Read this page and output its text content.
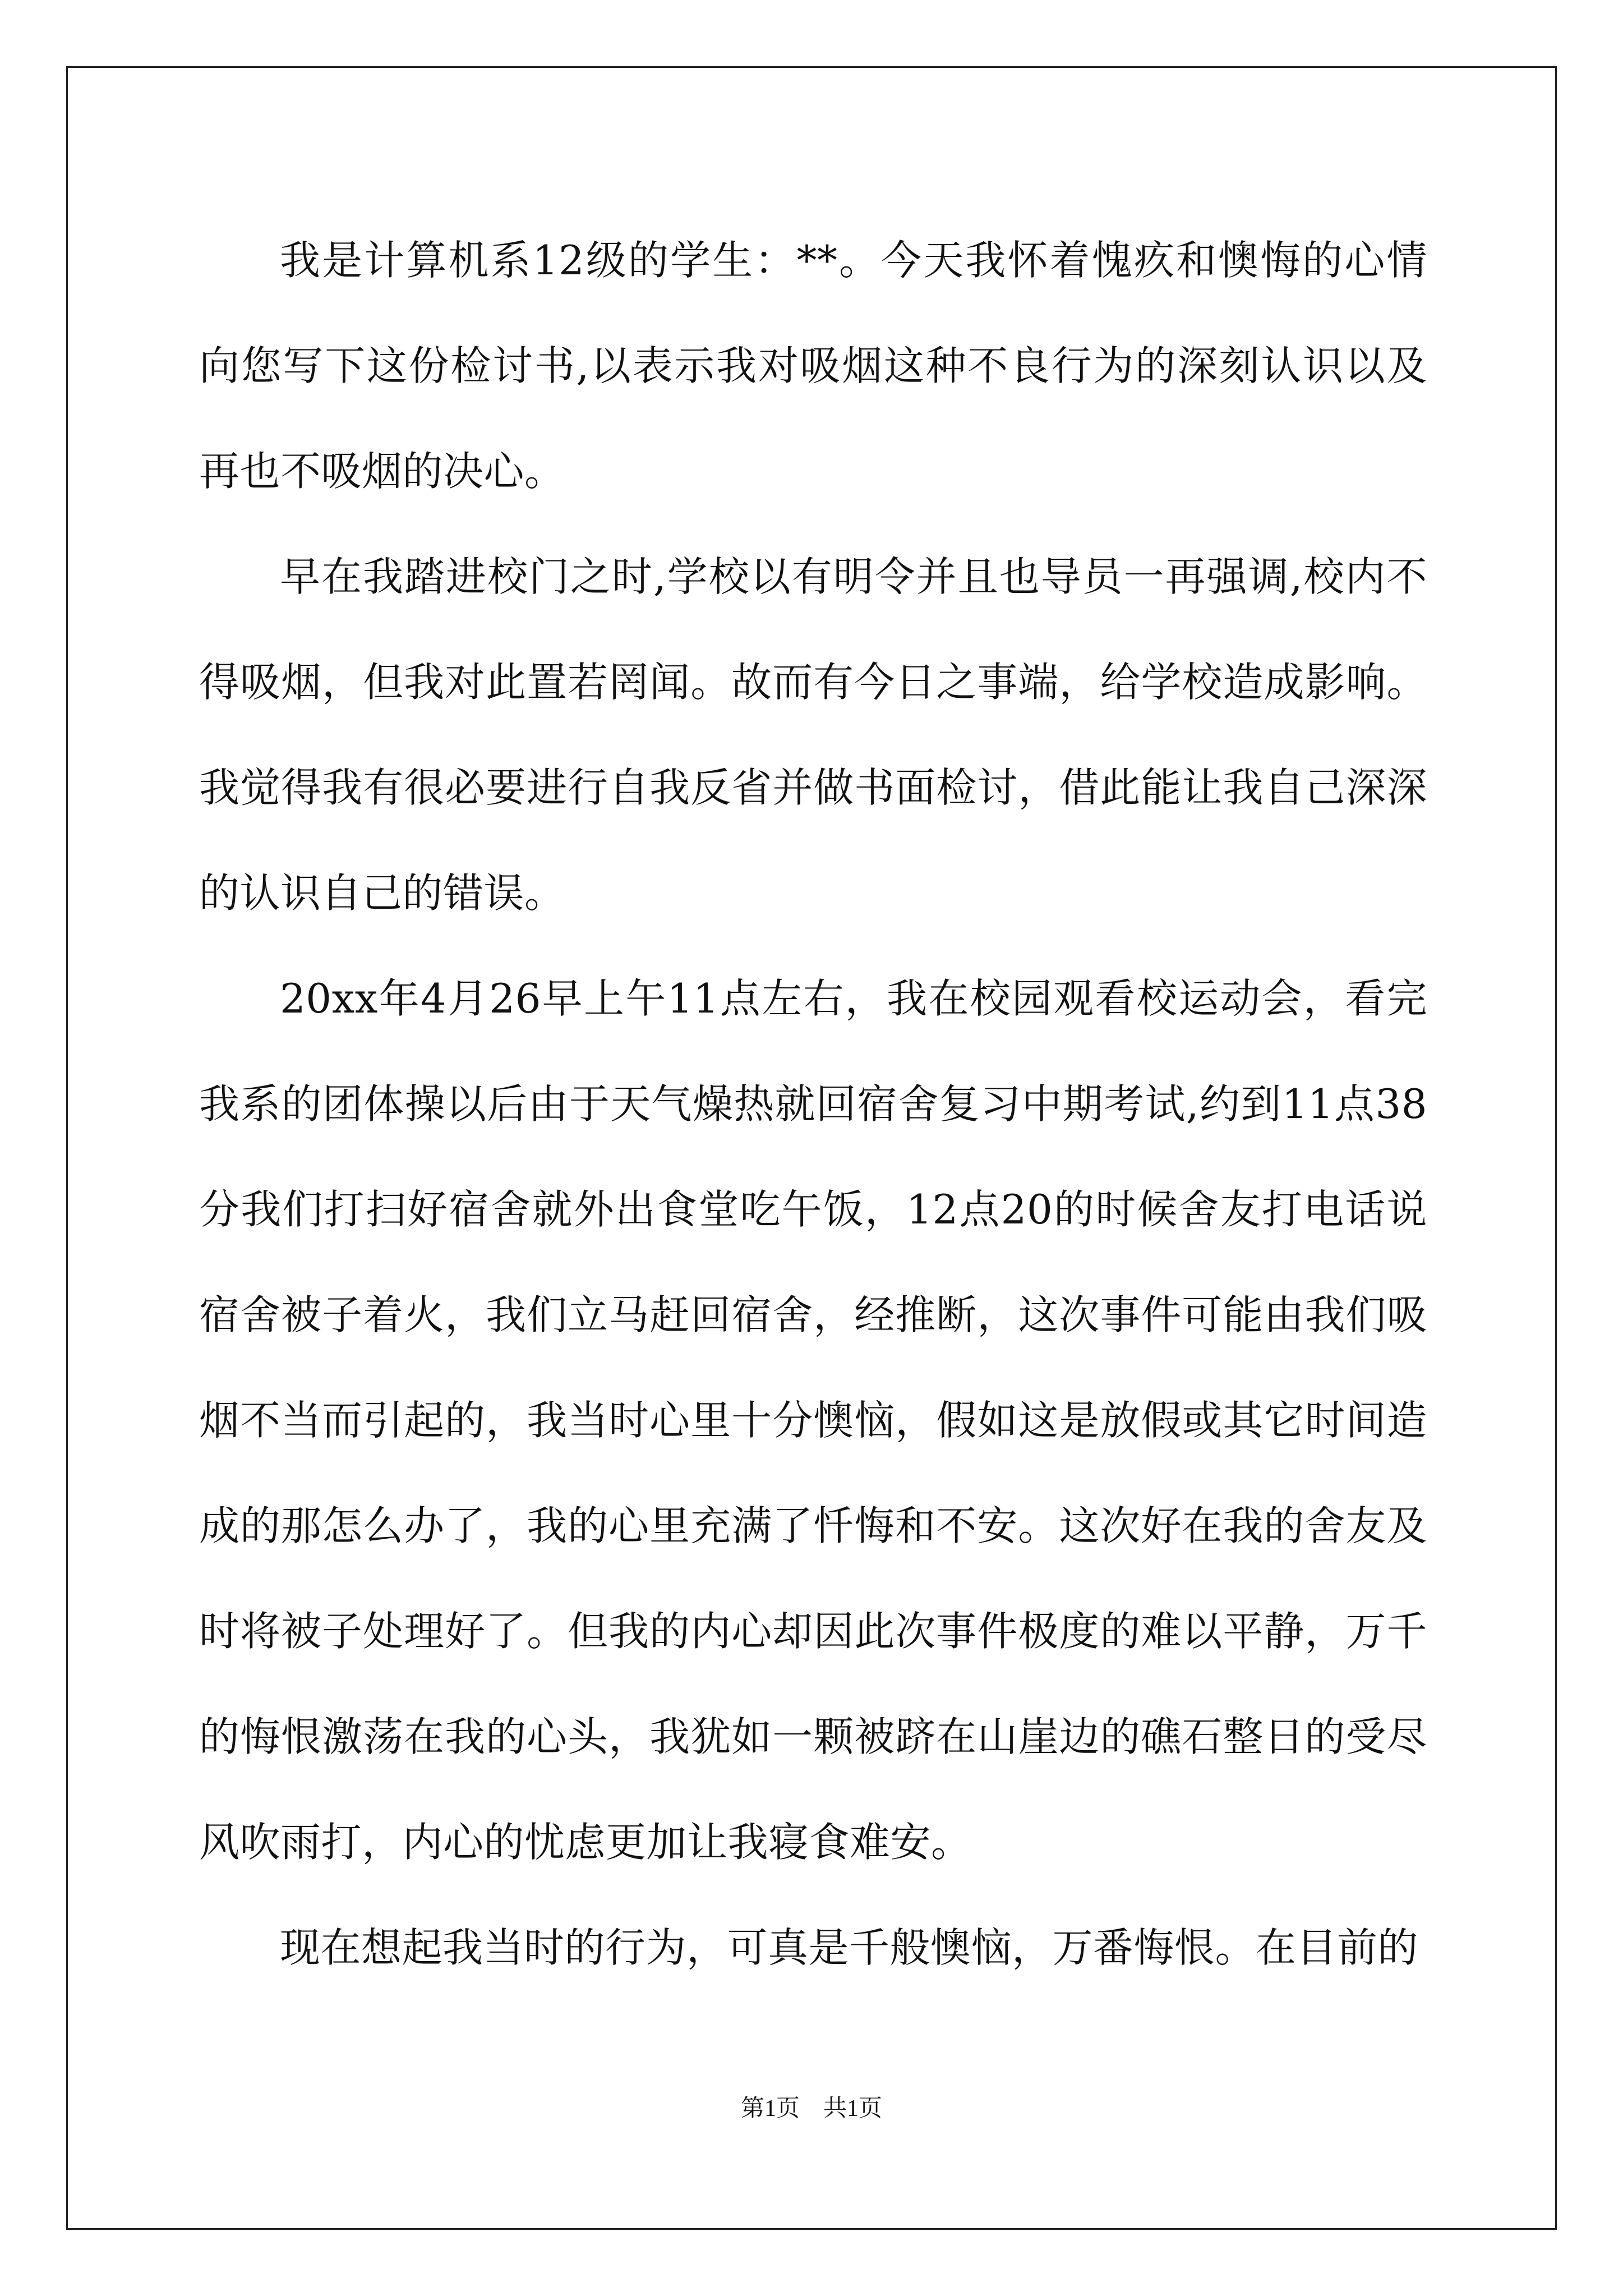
我是计算机系12级的学生：**。今天我怀着愧疚和懊悔的心情向您写下这份检讨书,以表示我对吸烟这种不良行为的深刻认识以及再也不吸烟的决心。

早在我踏进校门之时,学校以有明令并且也导员一再强调,校内不得吸烟，但我对此置若罔闻。故而有今日之事端，给学校造成影响。我觉得我有很必要进行自我反省并做书面检讨，借此能让我自己深深的认识自己的错误。

20xx年4月26早上午11点左右，我在校园观看校运动会，看完我系的团体操以后由于天气燥热就回宿舍复习中期考试,约到11点38分我们打扫好宿舍就外出食堂吃午饭，12点20的时候舍友打电话说宿舍被子着火，我们立马赶回宿舍，经推断，这次事件可能由我们吸烟不当而引起的，我当时心里十分懊恼，假如这是放假或其它时间造成的那怎么办了，我的心里充满了忏悔和不安。这次好在我的舍友及时将被子处理好了。但我的内心却因此次事件极度的难以平静，万千的悔恨激荡在我的心头，我犹如一颗被跻在山崖边的礁石整日的受尽风吹雨打，内心的忧虑更加让我寝食难安。

现在想起我当时的行为，可真是千般懊恼，万番悔恨。在目前的

第1页　共1页
